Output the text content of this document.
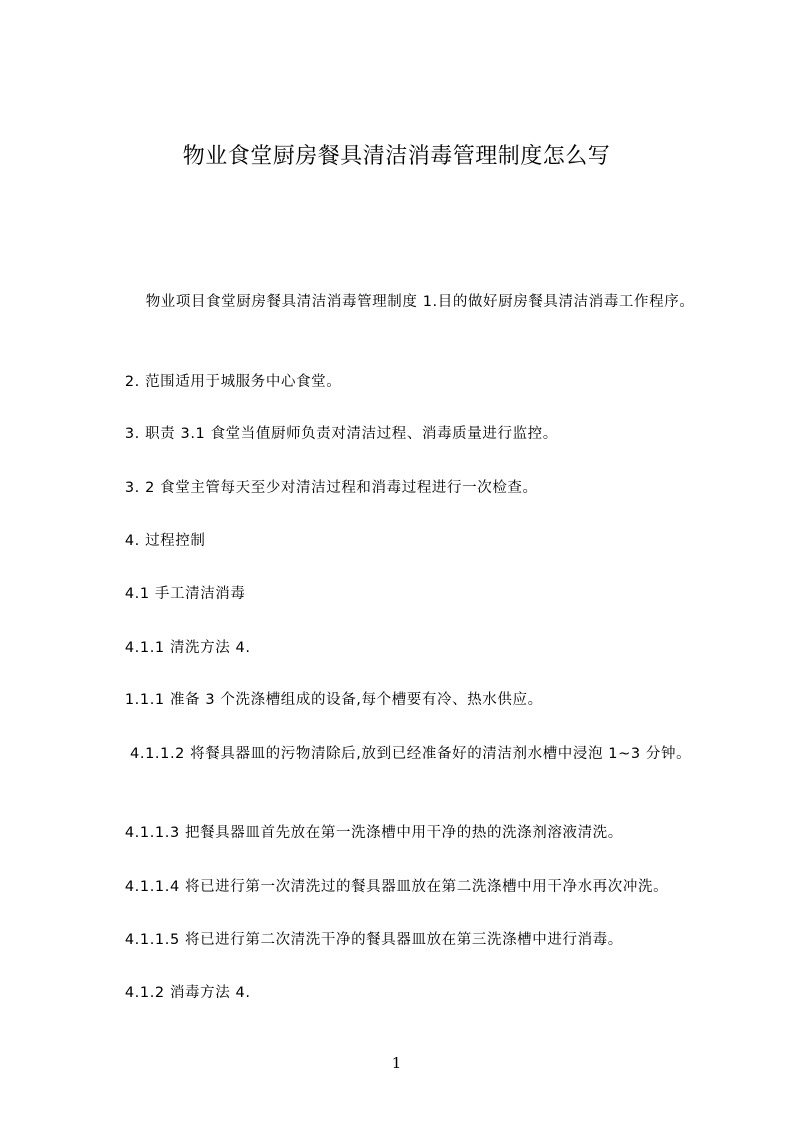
物业食堂厨房餐具清洁消毒管理制度怎么写

物业项目食堂厨房餐具清洁消毒管理制度 1.目的做好厨房餐具清洁消毒工作程序。

2. 范围适用于城服务中心食堂。

3. 职责 3.1 食堂当值厨师负责对清洁过程、消毒质量进行监控。

3. 2 食堂主管每天至少对清洁过程和消毒过程进行一次检查。

4. 过程控制

4.1 手工清洁消毒

4.1.1 清洗方法 4.

1.1.1 准备 3 个洗涤槽组成的设备,每个槽要有冷、热水供应。

4.1.1.2 将餐具器皿的污物清除后,放到已经准备好的清洁剂水槽中浸泡 1~3 分钟。

4.1.1.3 把餐具器皿首先放在第一洗涤槽中用干净的热的洗涤剂溶液清洗。

4.1.1.4 将已进行第一次清洗过的餐具器皿放在第二洗涤槽中用干净水再次冲洗。

4.1.1.5 将已进行第二次清洗干净的餐具器皿放在第三洗涤槽中进行消毒。

4.1.2 消毒方法 4.

1
